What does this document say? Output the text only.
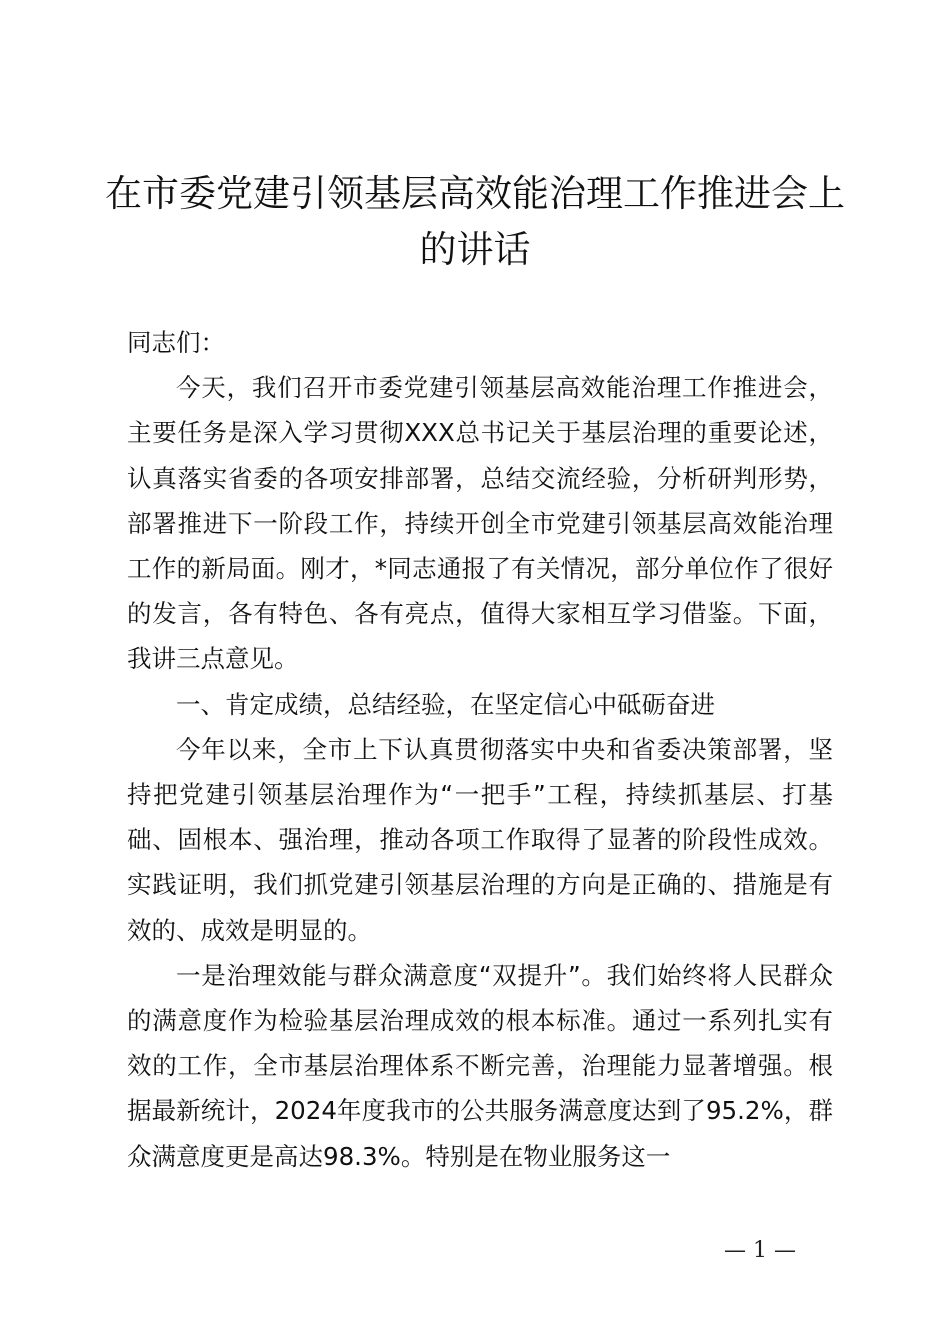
在市委党建引领基层高效能治理工作推进会上
的讲话

同志们：

今天，我们召开市委党建引领基层高效能治理工作推进会，主要任务是深入学习贯彻XXX总书记关于基层治理的重要论述，认真落实省委的各项安排部署，总结交流经验，分析研判形势，部署推进下一阶段工作，持续开创全市党建引领基层高效能治理工作的新局面。刚才，*同志通报了有关情况，部分单位作了很好的发言，各有特色、各有亮点，值得大家相互学习借鉴。下面，我讲三点意见。

一、肯定成绩，总结经验，在坚定信心中砥砺奋进

今年以来，全市上下认真贯彻落实中央和省委决策部署，坚持把党建引领基层治理作为“一把手”工程，持续抓基层、打基础、固根本、强治理，推动各项工作取得了显著的阶段性成效。实践证明，我们抓党建引领基层治理的方向是正确的、措施是有效的、成效是明显的。

一是治理效能与群众满意度“双提升”。我们始终将人民群众的满意度作为检验基层治理成效的根本标准。通过一系列扎实有效的工作，全市基层治理体系不断完善，治理能力显著增强。根据最新统计，2024年度我市的公共服务满意度达到了95.2%，群众满意度更是高达98.3%。特别是在物业服务这一

— 1 —
